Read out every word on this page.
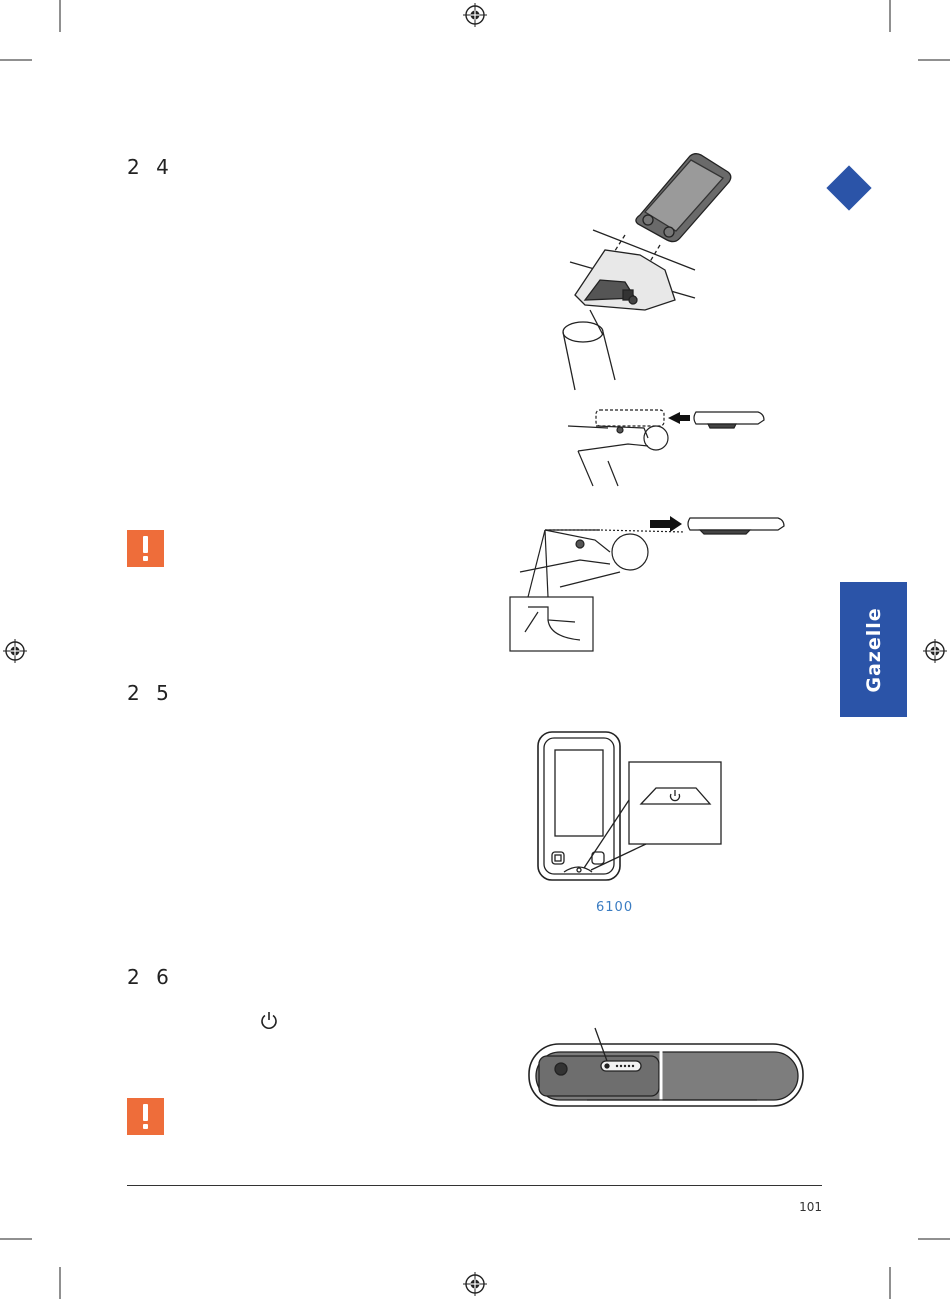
Gazelle
2 4
2 5
2 6
6100
101
